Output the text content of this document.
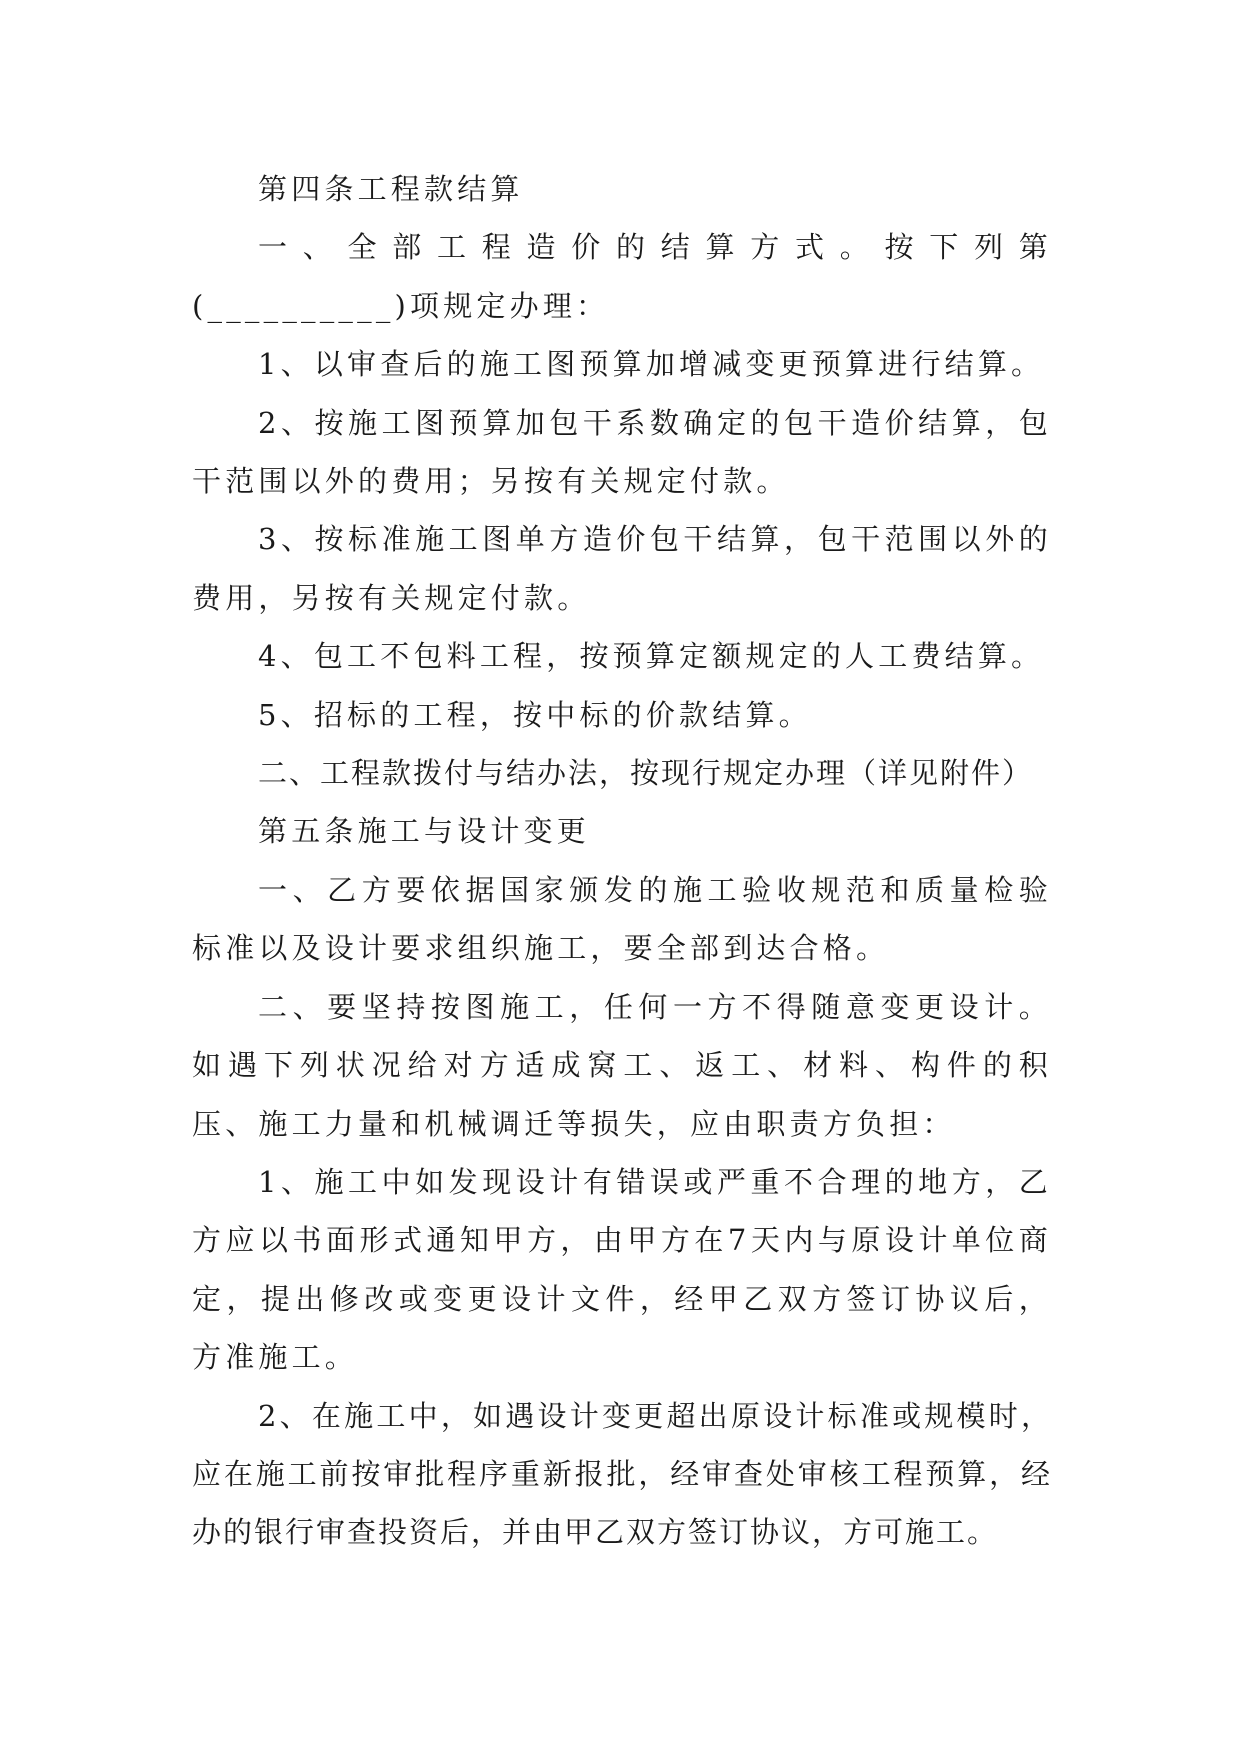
第四条工程款结算

一、全部工程造价的结算方式。按下列第(__________)项规定办理：

1、以审查后的施工图预算加增减变更预算进行结算。

2、按施工图预算加包干系数确定的包干造价结算，包干范围以外的费用；另按有关规定付款。

3、按标准施工图单方造价包干结算，包干范围以外的费用，另按有关规定付款。

4、包工不包料工程，按预算定额规定的人工费结算。

5、招标的工程，按中标的价款结算。

二、工程款拨付与结办法，按现行规定办理（详见附件）

第五条施工与设计变更

一、乙方要依据国家颁发的施工验收规范和质量检验标准以及设计要求组织施工，要全部到达合格。

二、要坚持按图施工，任何一方不得随意变更设计。如遇下列状况给对方适成窝工、返工、材料、构件的积压、施工力量和机械调迁等损失，应由职责方负担：

1、施工中如发现设计有错误或严重不合理的地方，乙方应以书面形式通知甲方，由甲方在7天内与原设计单位商定，提出修改或变更设计文件，经甲乙双方签订协议后，方准施工。

2、在施工中，如遇设计变更超出原设计标准或规模时，应在施工前按审批程序重新报批，经审查处审核工程预算，经办的银行审查投资后，并由甲乙双方签订协议，方可施工。
